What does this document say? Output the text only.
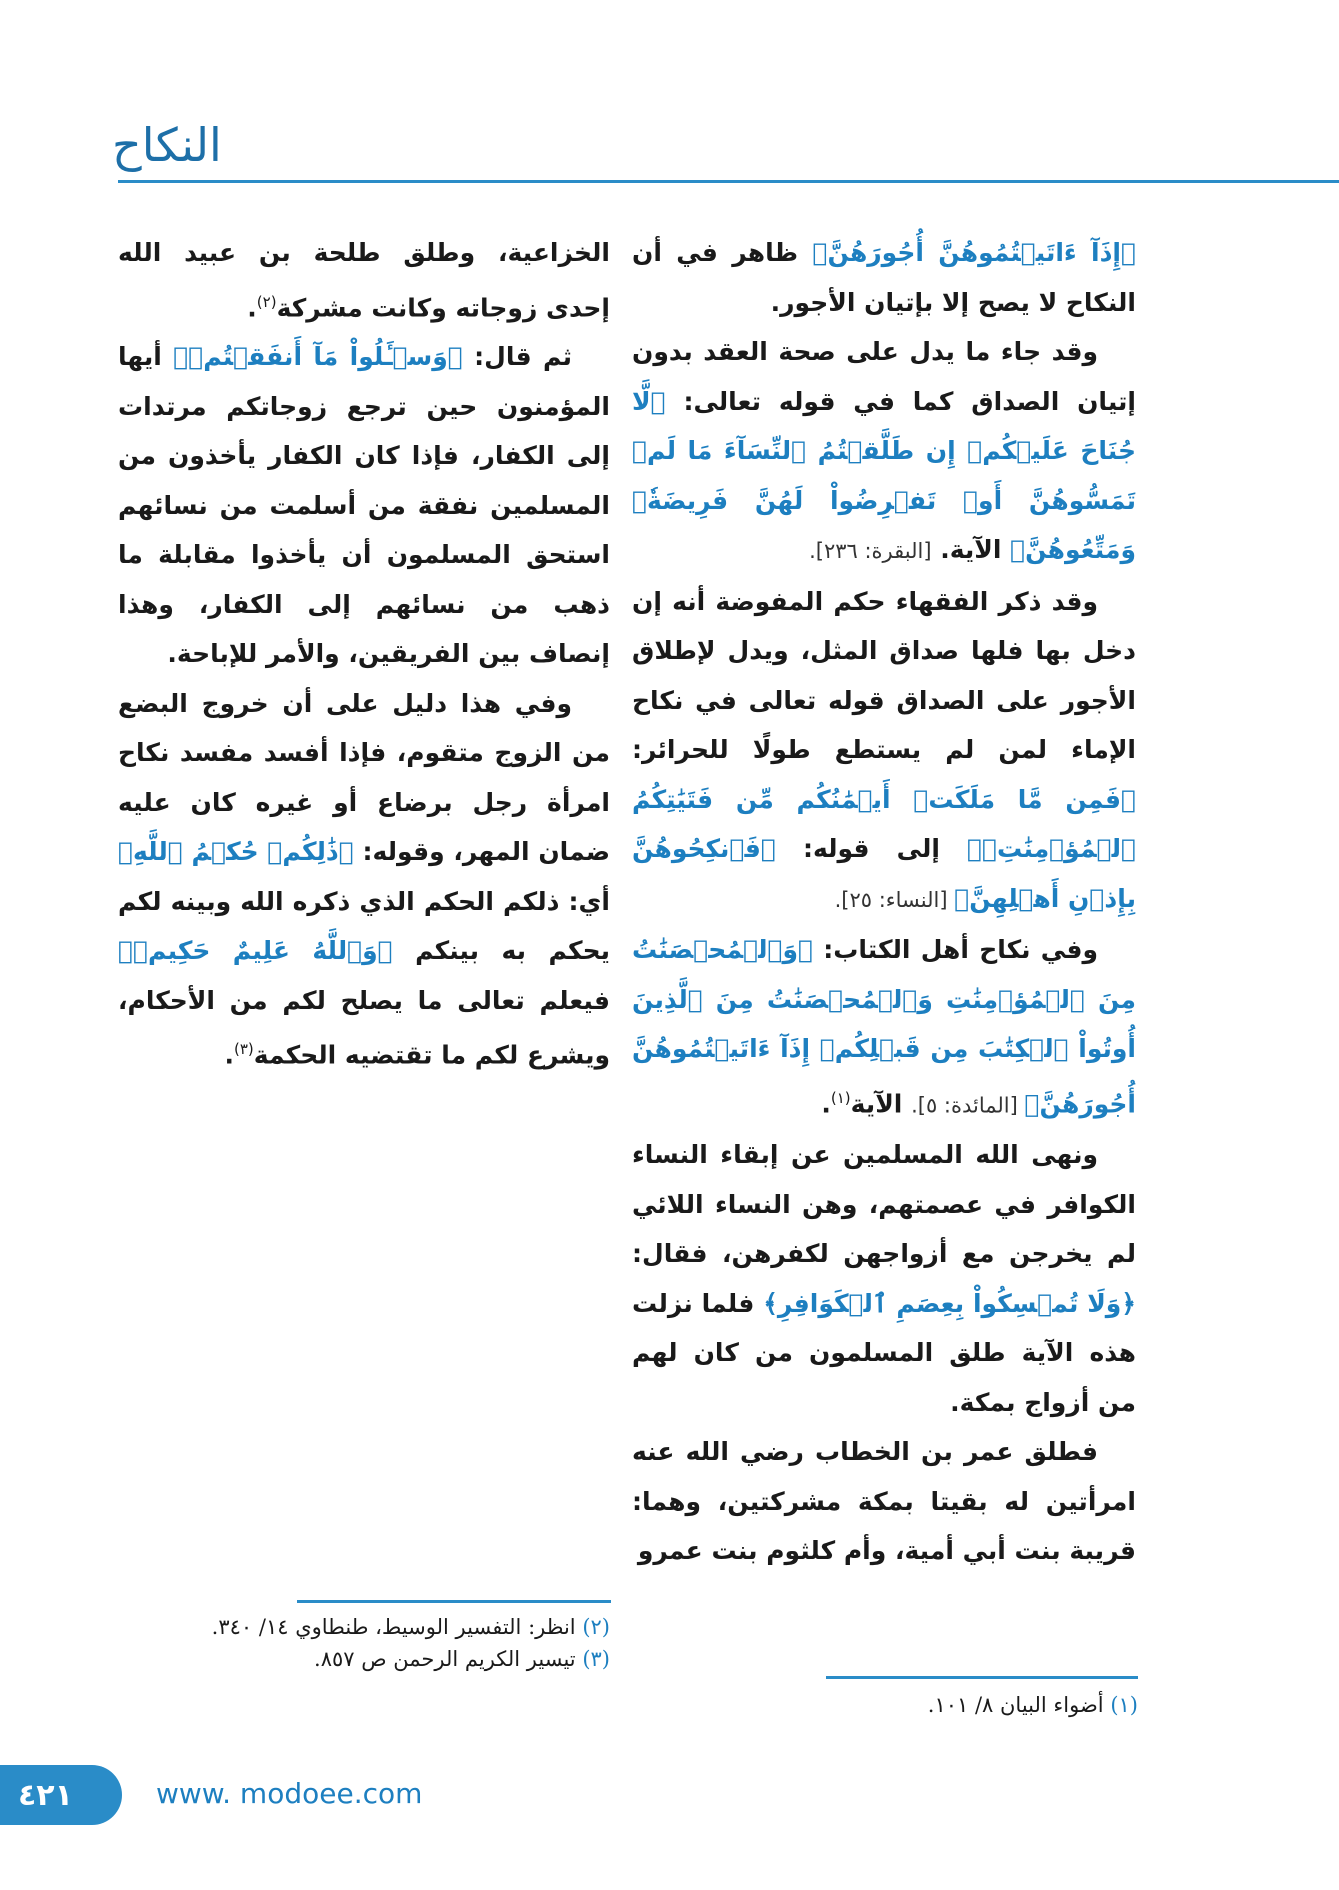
النكاح

﴿إِذَآ ءَاتَيۡتُمُوهُنَّ أُجُورَهُنَّ﴾ ظاهر في أن النكاح لا يصح إلا بإتيان الأجور.

وقد جاء ما يدل على صحة العقد بدون إتيان الصداق كما في قوله تعالى: ﴿لَّا جُنَاحَ عَلَيۡكُمۡ إِن طَلَّقۡتُمُ ٱلنِّسَآءَ مَا لَمۡ تَمَسُّوهُنَّ أَوۡ تَفۡرِضُواْ لَهُنَّ فَرِيضَةٗۚ وَمَتِّعُوهُنَّ﴾ الآية. [البقرة: ٢٣٦].

وقد ذكر الفقهاء حكم المفوضة أنه إن دخل بها فلها صداق المثل، ويدل لإطلاق الأجور على الصداق قوله تعالى في نكاح الإماء لمن لم يستطع طولًا للحرائر: ﴿فَمِن مَّا مَلَكَتۡ أَيۡمَٰنُكُم مِّن فَتَيَٰتِكُمُ ٱلۡمُؤۡمِنَٰتِۚ﴾ إلى قوله: ﴿فَٱنكِحُوهُنَّ بِإِذۡنِ أَهۡلِهِنَّ﴾ [النساء: ٢٥].

وفي نكاح أهل الكتاب: ﴿وَٱلۡمُحۡصَنَٰتُ مِنَ ٱلۡمُؤۡمِنَٰتِ وَٱلۡمُحۡصَنَٰتُ مِنَ ٱلَّذِينَ أُوتُواْ ٱلۡكِتَٰبَ مِن قَبۡلِكُمۡ إِذَآ ءَاتَيۡتُمُوهُنَّ أُجُورَهُنَّ﴾ [المائدة: ٥]. الآية$^{(١)}$.

ونهى الله المسلمين عن إبقاء النساء الكوافر في عصمتهم، وهن النساء اللائي لم يخرجن مع أزواجهن لكفرهن، فقال: ﴿وَلَا تُمۡسِكُواْ بِعِصَمِ ٱلۡكَوَافِرِ﴾ فلما نزلت هذه الآية طلق المسلمون من كان لهم من أزواج بمكة.

فطلق عمر بن الخطاب رضي الله عنه امرأتين له بقيتا بمكة مشركتين، وهما: قريبة بنت أبي أمية، وأم كلثوم بنت عمرو

الخزاعية، وطلق طلحة بن عبيد الله إحدى زوجاته وكانت مشركة$^{(٢)}$.

ثم قال: ﴿وَسۡـَٔلُواْ مَآ أَنفَقۡتُمۡ﴾ أيها المؤمنون حين ترجع زوجاتكم مرتدات إلى الكفار، فإذا كان الكفار يأخذون من المسلمين نفقة من أسلمت من نسائهم استحق المسلمون أن يأخذوا مقابلة ما ذهب من نسائهم إلى الكفار، وهذا إنصاف بين الفريقين، والأمر للإباحة.

وفي هذا دليل على أن خروج البضع من الزوج متقوم، فإذا أفسد مفسد نكاح امرأة رجل برضاع أو غيره كان عليه ضمان المهر، وقوله: ﴿ذَٰلِكُمۡ حُكۡمُ ٱللَّهِ﴾ أي: ذلكم الحكم الذي ذكره الله وبينه لكم يحكم به بينكم ﴿وَٱللَّهُ عَلِيمٌ حَكِيمٞ﴾ فيعلم تعالى ما يصلح لكم من الأحكام، ويشرع لكم ما تقتضيه الحكمة$^{(٣)}$.

(٢) انظر: التفسير الوسيط، طنطاوي ١٤/ ٣٤٠.
(٣) تيسير الكريم الرحمن ص ٨٥٧.
(١) أضواء البيان ٨/ ١٠١.
٤٢١	www. modoee.com
